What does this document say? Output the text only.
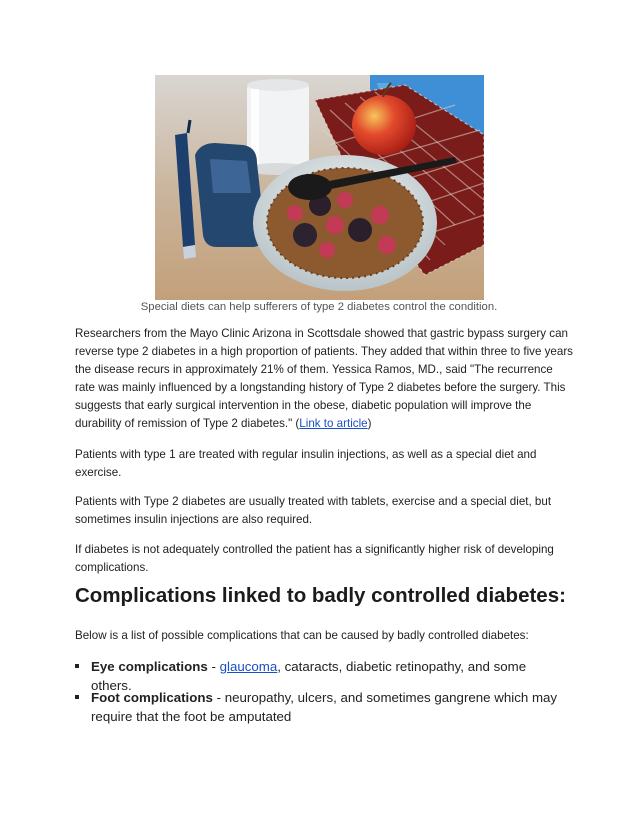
Special diets can help sufferers of type 2 diabetes control the condition.

Researchers from the Mayo Clinic Arizona in Scottsdale showed that gastric bypass surgery can reverse type 2 diabetes in a high proportion of patients. They added that within three to five years the disease recurs in approximately 21% of them. Yessica Ramos, MD., said "The recurrence rate was mainly influenced by a longstanding history of Type 2 diabetes before the surgery. This suggests that early surgical intervention in the obese, diabetic population will improve the durability of remission of Type 2 diabetes." (Link to article)

Patients with type 1 are treated with regular insulin injections, as well as a special diet and exercise.

Patients with Type 2 diabetes are usually treated with tablets, exercise and a special diet, but sometimes insulin injections are also required.

If diabetes is not adequately controlled the patient has a significantly higher risk of developing complications.

Complications linked to badly controlled diabetes:

Below is a list of possible complications that can be caused by badly controlled diabetes:

Eye complications - glaucoma, cataracts, diabetic retinopathy, and some others.
Foot complications - neuropathy, ulcers, and sometimes gangrene which may require that the foot be amputated
